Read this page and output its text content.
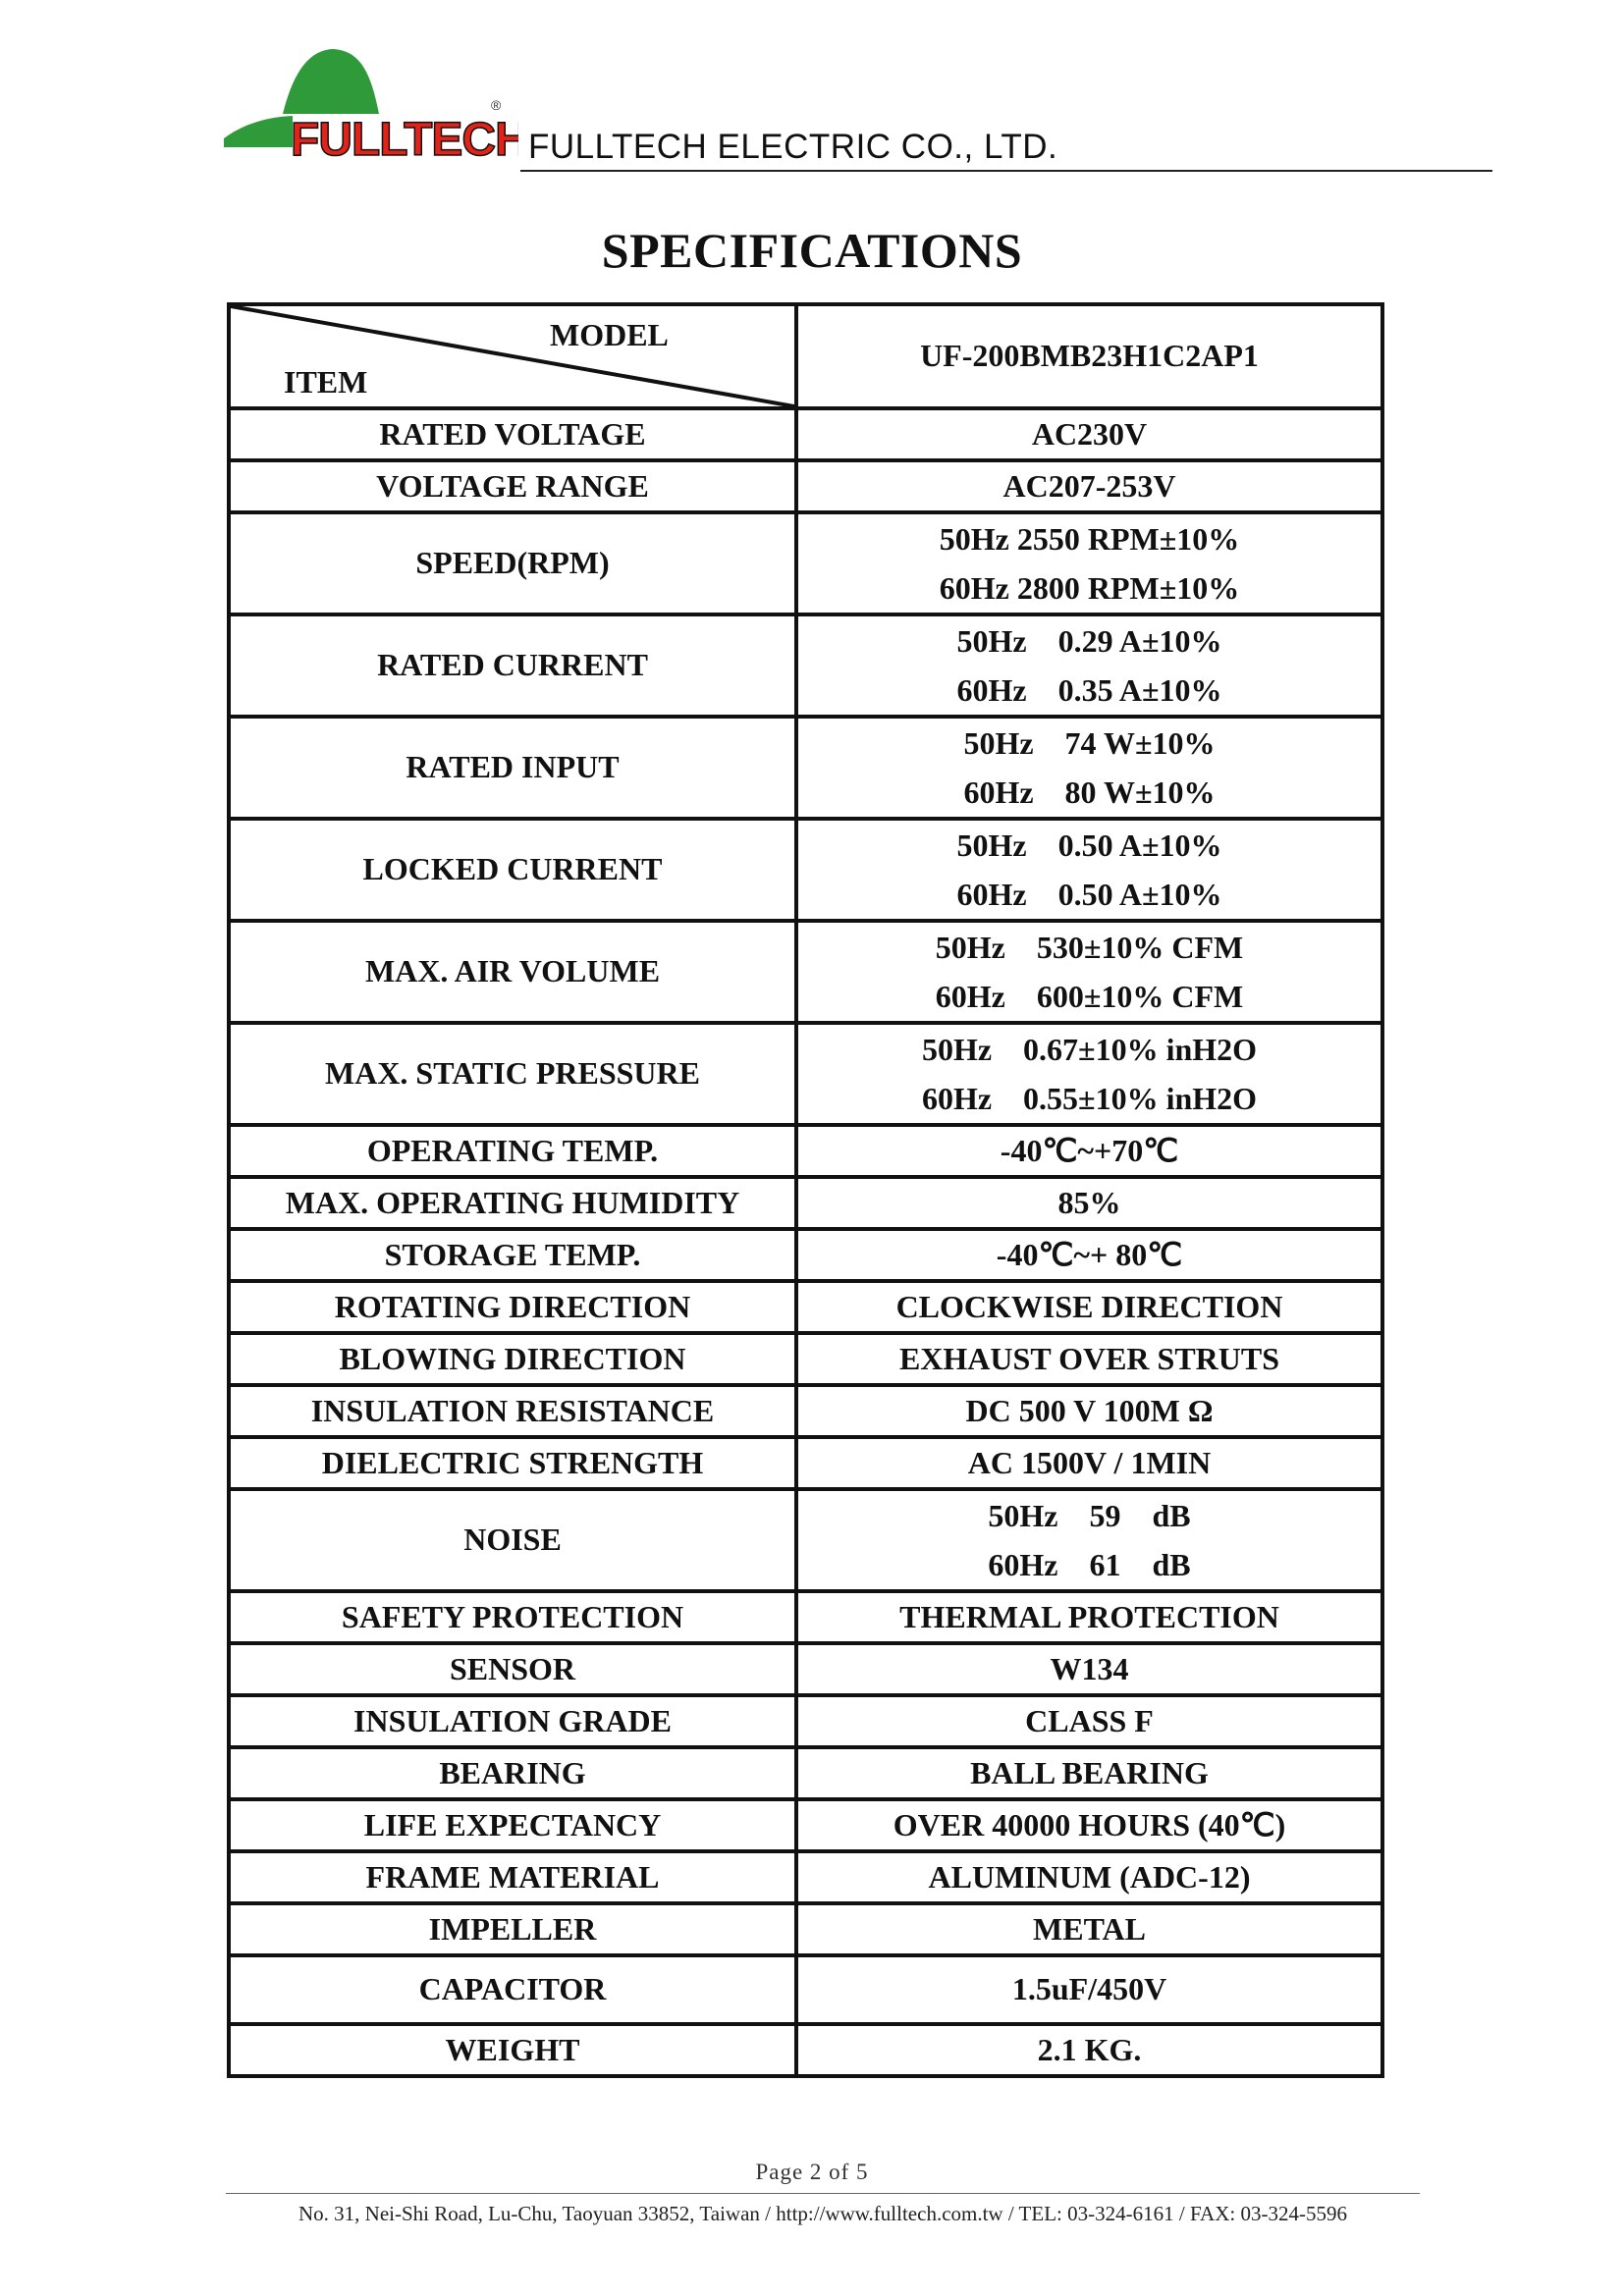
FULLTECH
®
FULLTECH ELECTRIC CO., LTD.
SPECIFICATIONS
MODEL
ITEM	UF-200BMB23H1C2AP1
RATED VOLTAGE	AC230V
VOLTAGE RANGE	AC207-253V
SPEED(RPM)	50Hz 2550 RPM±10%
60Hz 2800 RPM±10%

RATED CURRENT	50Hz    0.29 A±10%
60Hz    0.35 A±10%

RATED INPUT	50Hz    74 W±10%
60Hz    80 W±10%

LOCKED CURRENT	50Hz    0.50 A±10%
60Hz    0.50 A±10%

MAX. AIR VOLUME	50Hz    530±10% CFM
60Hz    600±10% CFM

MAX. STATIC PRESSURE	50Hz    0.67±10% inH2O
60Hz    0.55±10% inH2O

OPERATING TEMP.	-40℃~+70℃
MAX. OPERATING HUMIDITY	85%
STORAGE TEMP.	-40℃~+ 80℃
ROTATING DIRECTION	CLOCKWISE DIRECTION
BLOWING DIRECTION	EXHAUST OVER STRUTS
INSULATION RESISTANCE	DC 500 V 100M Ω
DIELECTRIC STRENGTH	AC 1500V / 1MIN
NOISE	50Hz    59    dB
60Hz    61    dB

SAFETY PROTECTION	THERMAL PROTECTION
SENSOR	W134
INSULATION GRADE	CLASS F
BEARING	BALL BEARING
LIFE EXPECTANCY	OVER 40000 HOURS (40℃)
FRAME MATERIAL	ALUMINUM (ADC-12)
IMPELLER	METAL
CAPACITOR	1.5uF/450V
WEIGHT	2.1 KG.
Page 2 of 5
No. 31, Nei-Shi Road, Lu-Chu, Taoyuan 33852, Taiwan / http://www.fulltech.com.tw / TEL: 03-324-6161 / FAX: 03-324-5596
